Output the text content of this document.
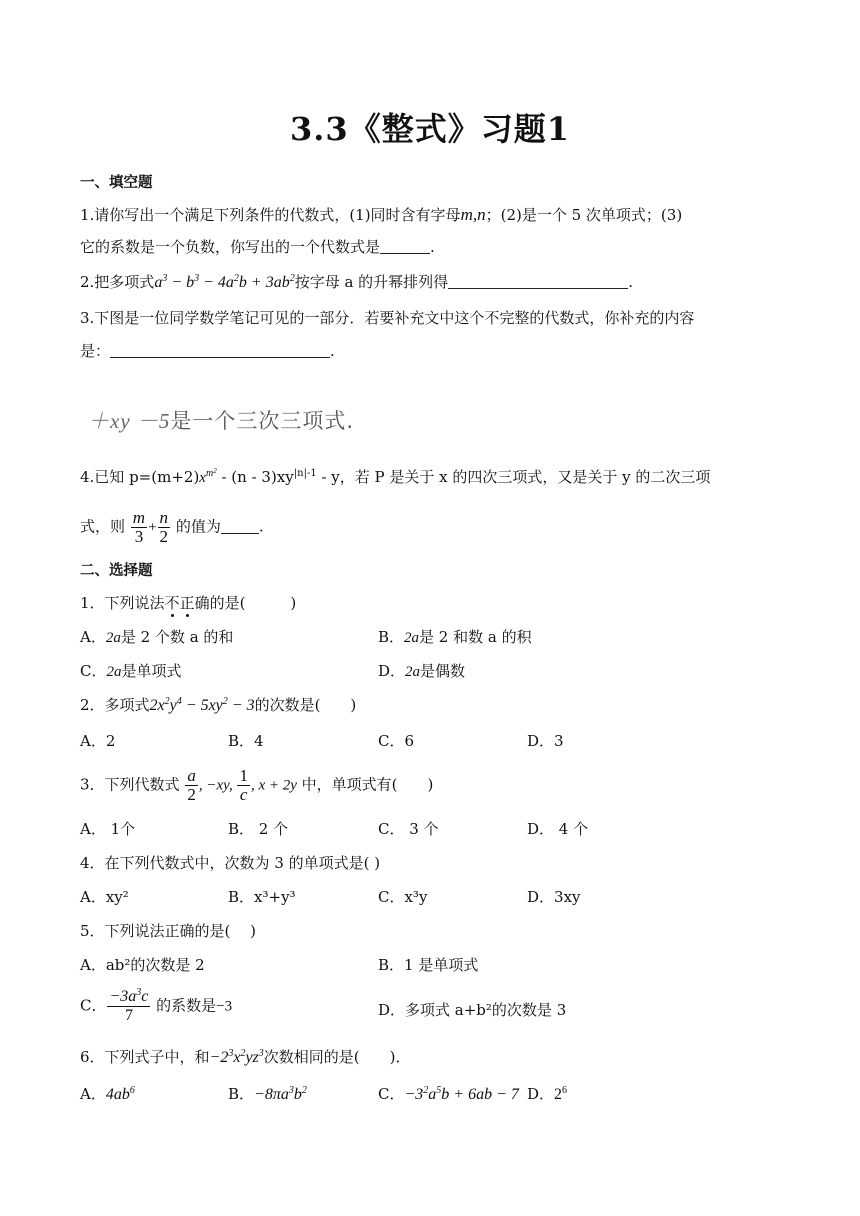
3.3《整式》习题1
一、填空题
1.请你写出一个满足下列条件的代数式，(1)同时含有字母m,n；(2)是一个 5 次单项式；(3)
它的系数是一个负数，你写出的一个代数式是	.
2.把多项式$a^3 - b^3 - 4a^2b + 3ab^2$按字母 a 的升幂排列得	.
3.下图是一位同学数学笔记可见的一部分．若要补充文中这个不完整的代数式，你补充的内容
是：	.
＋xy －5是一个三次三项式.
4.已知 $p=(m+2)x^{m^2} - (n - 3)xy^{|n|-1} - y$，若 P 是关于 x 的四次三项式，又是关于 y 的二次三项
式，则 $\frac{m}{3} + \frac{n}{2}$ 的值为	.
二、选择题
1．下列说法不正确的是(　　　)
A．2a是 2 个数 a 的和	B．2a是 2 和数 a 的积
C．2a是单项式	D．2a是偶数
2．多项式$2x^2y^4 - 5xy^2 - 3$的次数是(　　)
A．2	B．4	C．6	D．3
3．下列代数式 $\frac{a}{2}$ , −xy, $\frac{1}{c}$ , x + 2y 中，单项式有(　　)
A． 1个	B． 2 个	C． 3 个	D． 4 个
4．在下列代数式中，次数为 3 的单项式是( )
A．xy²	B．x³+y³	C．x³y	D．3xy
5．下列说法正确的是(　 )
A．ab²的次数是 2	B．1 是单项式
C． $\frac{-3a^3c}{7}$ 的系数是−3	D．多项式 a+b²的次数是 3
6．下列式子中，和$-2^3x^2yz^3$次数相同的是(　　)．
A．$4ab^6$	B．$-8\pi a^3b^2$	C．$-3^2a^5b + 6ab - 7$ D．$2^6$
